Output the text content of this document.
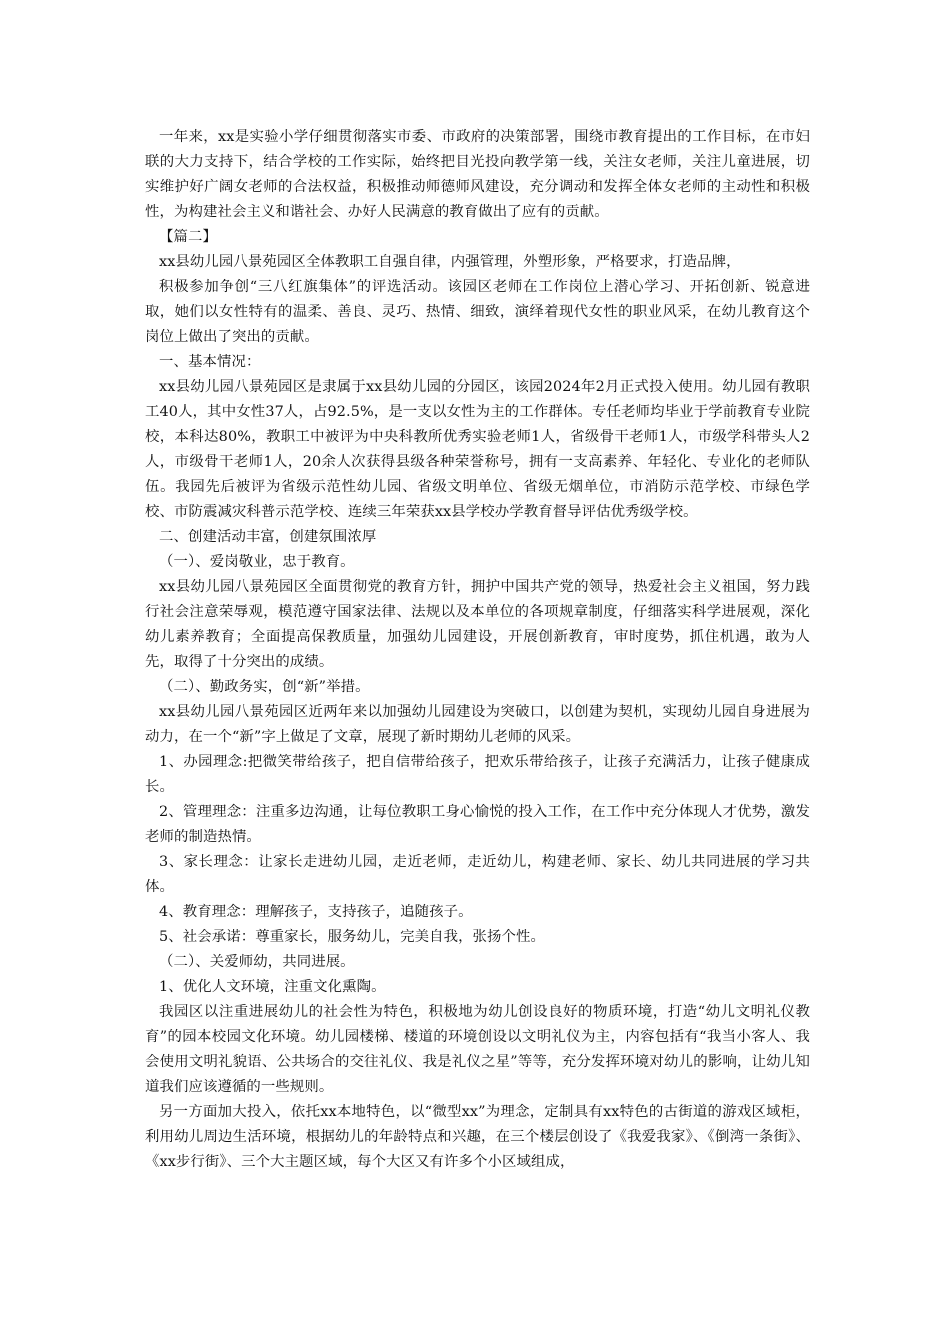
一年来，xx是实验小学仔细贯彻落实市委、市政府的决策部署，围绕市教育提出的工作目标，在市妇联的大力支持下，结合学校的工作实际，始终把目光投向教学第一线，关注女老师，关注儿童进展，切实维护好广阔女老师的合法权益，积极推动师德师风建设，充分调动和发挥全体女老师的主动性和积极性，为构建社会主义和谐社会、办好人民满意的教育做出了应有的贡献。

【篇二】

xx县幼儿园八景苑园区全体教职工自强自律，内强管理，外塑形象，严格要求，打造品牌，

积极参加争创“三八红旗集体”的评选活动。该园区老师在工作岗位上潜心学习、开拓创新、锐意进取，她们以女性特有的温柔、善良、灵巧、热情、细致，演绎着现代女性的职业风采，在幼儿教育这个岗位上做出了突出的贡献。

一、基本情况：

xx县幼儿园八景苑园区是隶属于xx县幼儿园的分园区，该园2024年2月正式投入使用。幼儿园有教职工40人，其中女性37人，占92.5%，是一支以女性为主的工作群体。专任老师均毕业于学前教育专业院校，本科达80%，教职工中被评为中央科教所优秀实验老师1人，省级骨干老师1人，市级学科带头人2人，市级骨干老师1人，20余人次获得县级各种荣誉称号，拥有一支高素养、年轻化、专业化的老师队伍。我园先后被评为省级示范性幼儿园、省级文明单位、省级无烟单位，市消防示范学校、市绿色学校、市防震减灾科普示范学校、连续三年荣获xx县学校办学教育督导评估优秀级学校。

二、创建活动丰富，创建氛围浓厚

（一）、爱岗敬业，忠于教育。

xx县幼儿园八景苑园区全面贯彻党的教育方针，拥护中国共产党的领导，热爱社会主义祖国，努力践行社会注意荣辱观，模范遵守国家法律、法规以及本单位的各项规章制度，仔细落实科学进展观，深化幼儿素养教育；全面提高保教质量，加强幼儿园建设，开展创新教育，审时度势，抓住机遇，敢为人先，取得了十分突出的成绩。

（二）、勤政务实，创“新”举措。

xx县幼儿园八景苑园区近两年来以加强幼儿园建设为突破口，以创建为契机，实现幼儿园自身进展为动力，在一个“新”字上做足了文章，展现了新时期幼儿老师的风采。

1、办园理念:把微笑带给孩子，把自信带给孩子，把欢乐带给孩子，让孩子充满活力，让孩子健康成长。

2、管理理念：注重多边沟通，让每位教职工身心愉悦的投入工作，在工作中充分体现人才优势，激发老师的制造热情。

3、家长理念：让家长走进幼儿园，走近老师，走近幼儿，构建老师、家长、幼儿共同进展的学习共体。

4、教育理念：理解孩子，支持孩子，追随孩子。

5、社会承诺：尊重家长，服务幼儿，完美自我，张扬个性。

（二）、关爱师幼，共同进展。

1、优化人文环境，注重文化熏陶。

我园区以注重进展幼儿的社会性为特色，积极地为幼儿创设良好的物质环境，打造“幼儿文明礼仪教育”的园本校园文化环境。幼儿园楼梯、楼道的环境创设以文明礼仪为主，内容包括有“我当小客人、我会使用文明礼貌语、公共场合的交往礼仪、我是礼仪之星”等等，充分发挥环境对幼儿的影响，让幼儿知道我们应该遵循的一些规则。

另一方面加大投入，依托xx本地特色，以“微型xx”为理念，定制具有xx特色的古街道的游戏区域柜，利用幼儿周边生活环境，根据幼儿的年龄特点和兴趣，在三个楼层创设了《我爱我家》、《倒湾一条街》、《xx步行街》、三个大主题区域，每个大区又有许多个小区域组成，
